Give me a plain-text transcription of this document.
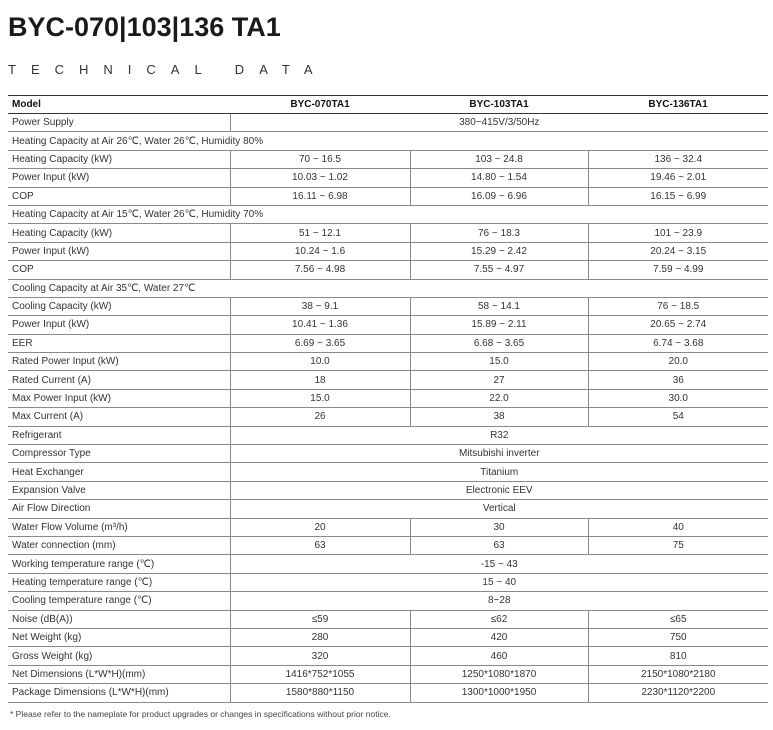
BYC-070|103|136 TA1
TECHNICAL DATA
Model	BYC-070TA1	BYC-103TA1	BYC-136TA1
Power Supply	380~415V/3/50Hz		
Heating Capacity at Air 26℃, Water 26℃, Humidity 80%			
Heating Capacity (kW)	70 ~ 16.5	103 ~ 24.8	136 ~ 32.4
Power Input (kW)	10.03 ~ 1.02	14.80 ~ 1.54	19.46 ~ 2.01
COP	16.11 ~ 6.98	16.09 ~ 6.96	16.15 ~ 6.99
Heating Capacity at Air 15℃, Water 26℃, Humidity 70%			
Heating Capacity (kW)	51 ~ 12.1	76 ~ 18.3	101 ~ 23.9
Power Input (kW)	10.24 ~ 1.6	15.29 ~ 2.42	20.24 ~ 3.15
COP	7.56 ~ 4.98	7.55 ~ 4.97	7.59 ~ 4.99
Cooling Capacity at Air 35℃, Water 27℃			
Cooling Capacity (kW)	38 ~ 9.1	58 ~ 14.1	76 ~ 18.5
Power Input (kW)	10.41 ~ 1.36	15.89 ~ 2.11	20.65 ~ 2.74
EER	6.69 ~ 3.65	6.68 ~ 3.65	6.74 ~ 3.68
Rated Power Input (kW)	10.0	15.0	20.0
Rated Current (A)	18	27	36
Max Power Input (kW)	15.0	22.0	30.0
Max Current (A)	26	38	54
Refrigerant	R32		
Compressor Type	Mitsubishi inverter		
Heat Exchanger	Titanium		
Expansion Valve	Electronic EEV		
Air Flow Direction	Vertical		
Water Flow Volume (m³/h)	20	30	40
Water connection (mm)	63	63	75
Working temperature range (℃)	-15 ~ 43		
Heating temperature range (℃)	15 ~ 40		
Cooling temperature range (℃)	8~28		
Noise (dB(A))	≤59	≤62	≤65
Net Weight (kg)	280	420	750
Gross Weight (kg)	320	460	810
Net Dimensions (L*W*H)(mm)	1416*752*1055	1250*1080*1870	2150*1080*2180
Package Dimensions (L*W*H)(mm)	1580*880*1150	1300*1000*1950	2230*1120*2200
* Please refer to the nameplate for product upgrades or changes in specifications without prior notice.
